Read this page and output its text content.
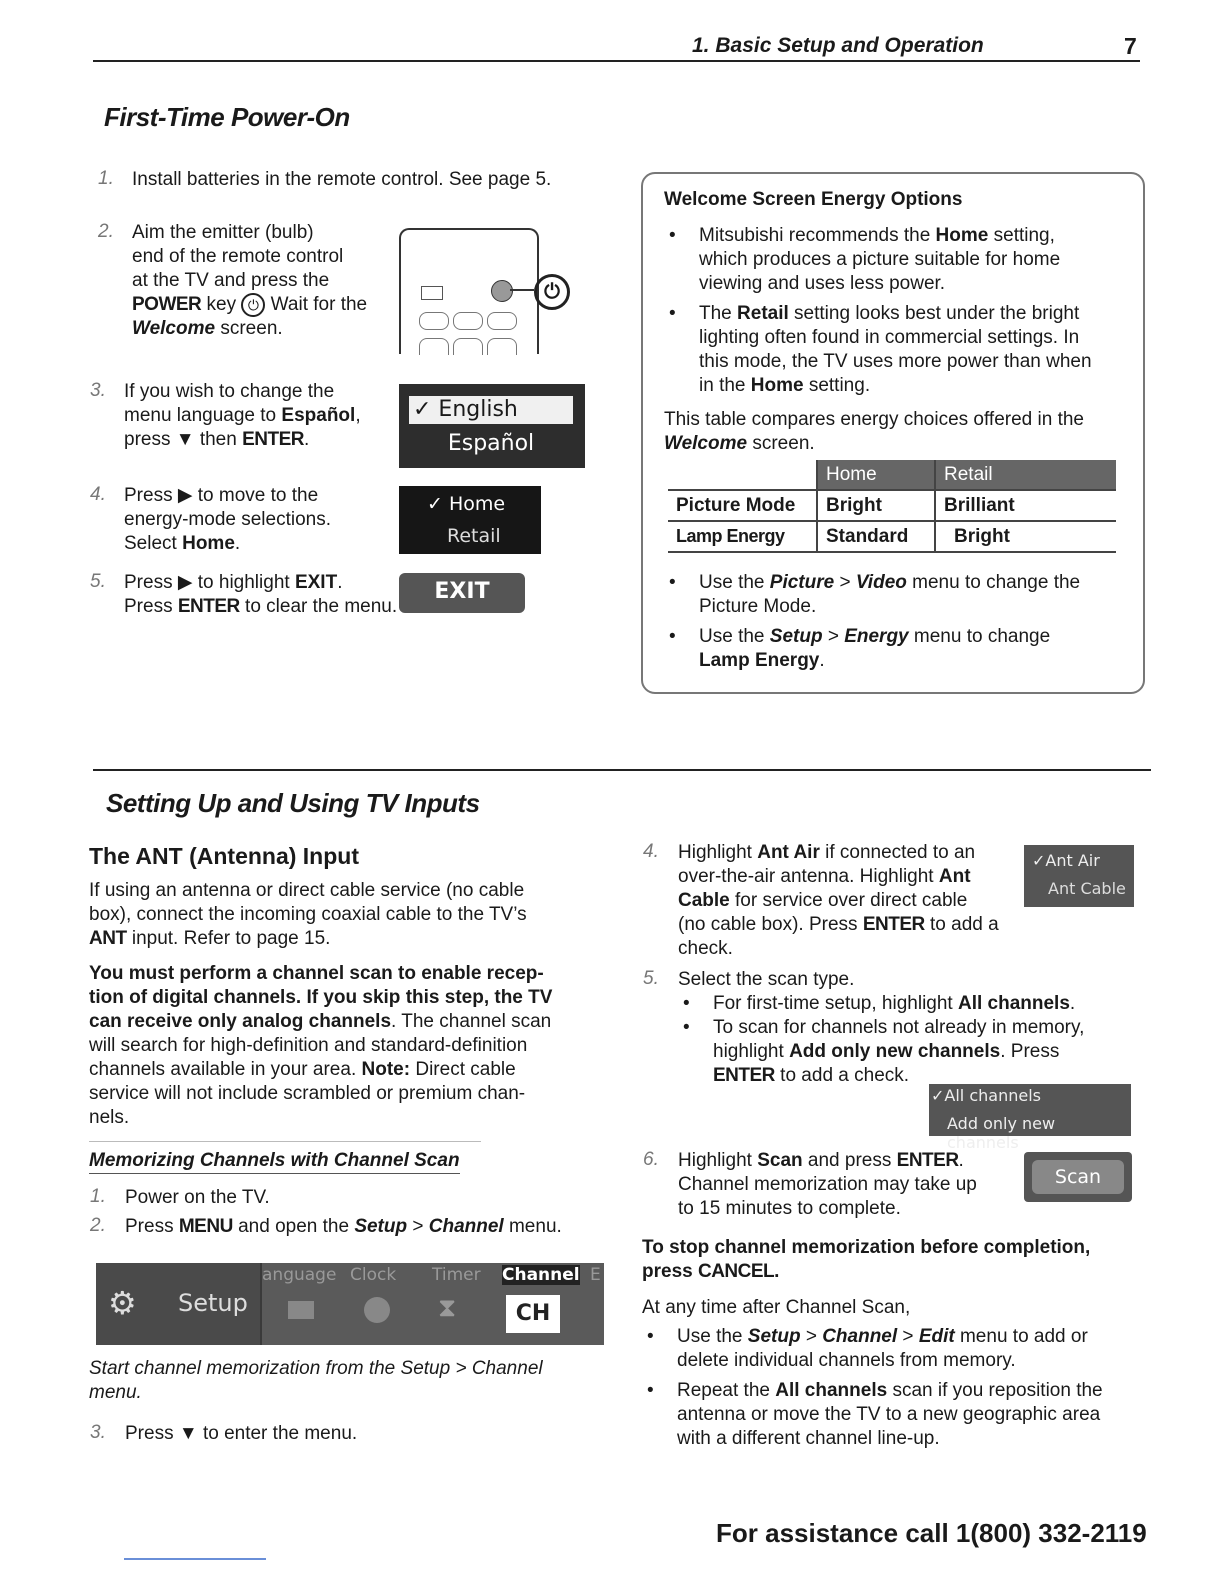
1. Basic Setup and Operation	7
First-Time Power-On
1. Install batteries in the remote control. See page 5.
2. Aim the emitter (bulb)
end of the remote control
at the TV and press the
POWER key ⏻ Wait for the
Welcome screen.
⏻
3. If you wish to change the
menu language to Español,
press ▼ then ENTER.
✓ English
Español
4. Press ▶ to move to the
energy-mode selections.
Select Home.
✓ Home
Retail
5. Press ▶ to highlight EXIT.
Press ENTER to clear the menu.
EXIT
Welcome Screen Energy Options
• Mitsubishi recommends the Home setting,
which produces a picture suitable for home
viewing and uses less power.
• The Retail setting looks best under the bright
lighting often found in commercial settings. In
this mode, the TV uses more power than when
in the Home setting.
This table compares energy choices offered in the
Welcome screen.
	Home	Retail
Picture Mode	Bright	Brilliant
Lamp Energy	Standard	Bright
• Use the Picture > Video menu to change the
Picture Mode.
• Use the Setup > Energy menu to change
Lamp Energy.
Setting Up and Using TV Inputs
The ANT (Antenna) Input
If using an antenna or direct cable service (no cable
box), connect the incoming coaxial cable to the TV’s
ANT input. Refer to page 15.
You must perform a channel scan to enable recep-
tion of digital channels. If you skip this step, the TV
can receive only analog channels. The channel scan
will search for high-definition and standard-definition
channels available in your area. Note: Direct cable
service will not include scrambled or premium chan-
nels.
Memorizing Channels with Channel Scan
1. Power on the TV.
2. Press MENU and open the Setup > Channel menu.
⚙ Setup
anguage Clock Timer Channel E
⧗	CH
Start channel memorization from the Setup > Channel
menu.
3. Press ▼ to enter the menu.
4. Highlight Ant Air if connected to an
over-the-air antenna. Highlight Ant
Cable for service over direct cable
(no cable box). Press ENTER to add a
check.
✓Ant Air
Ant Cable
5. Select the scan type.
• For first-time setup, highlight All channels.
• To scan for channels not already in memory,
highlight Add only new channels. Press
ENTER to add a check.
✓All channels
Add only new channels
6. Highlight Scan and press ENTER.
Channel memorization may take up
to 15 minutes to complete.
Scan
To stop channel memorization before completion,
press CANCEL.
At any time after Channel Scan,
• Use the Setup > Channel > Edit menu to add or
delete individual channels from memory.
• Repeat the All channels scan if you reposition the
antenna or move the TV to a new geographic area
with a different channel line-up.
For assistance call 1(800) 332-2119
